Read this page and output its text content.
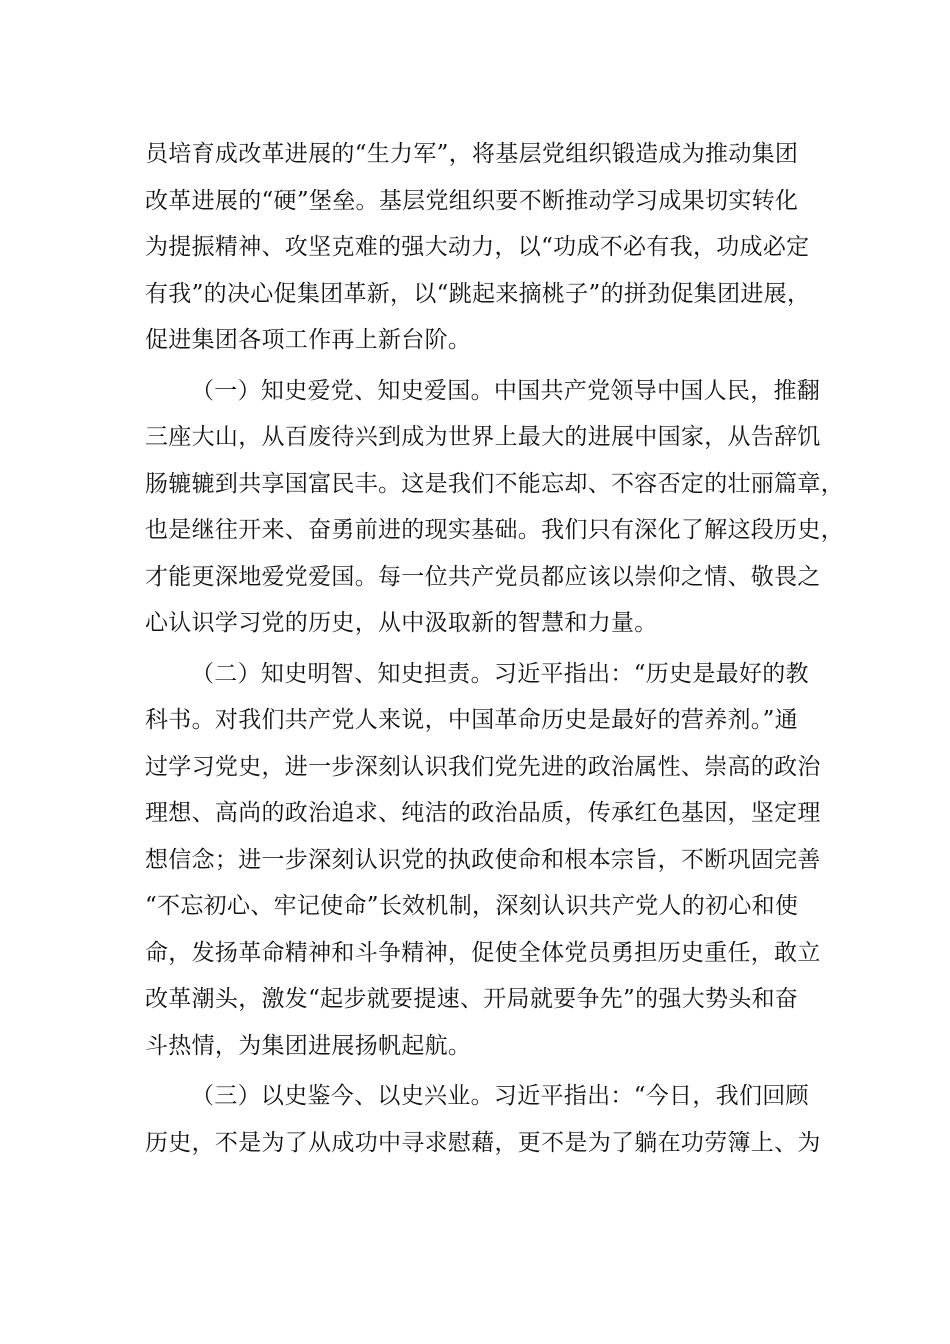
员培育成改革进展的“生力军”，将基层党组织锻造成为推动集团
改革进展的“硬”堡垒。基层党组织要不断推动学习成果切实转化
为提振精神、攻坚克难的强大动力，以“功成不必有我，功成必定
有我”的决心促集团革新，以“跳起来摘桃子”的拼劲促集团进展，
促进集团各项工作再上新台阶。
（一）知史爱党、知史爱国。中国共产党领导中国人民，推翻
三座大山，从百废待兴到成为世界上最大的进展中国家，从告辞饥
肠辘辘到共享国富民丰。这是我们不能忘却、不容否定的壮丽篇章，
也是继往开来、奋勇前进的现实基础。我们只有深化了解这段历史，
才能更深地爱党爱国。每一位共产党员都应该以崇仰之情、敬畏之
心认识学习党的历史，从中汲取新的智慧和力量。
（二）知史明智、知史担责。习近平指出：“历史是最好的教
科书。对我们共产党人来说，中国革命历史是最好的营养剂。”通
过学习党史，进一步深刻认识我们党先进的政治属性、崇高的政治
理想、高尚的政治追求、纯洁的政治品质，传承红色基因，坚定理
想信念；进一步深刻认识党的执政使命和根本宗旨，不断巩固完善
“不忘初心、牢记使命”长效机制，深刻认识共产党人的初心和使
命，发扬革命精神和斗争精神，促使全体党员勇担历史重任，敢立
改革潮头，激发“起步就要提速、开局就要争先”的强大势头和奋
斗热情，为集团进展扬帆起航。
（三）以史鉴今、以史兴业。习近平指出：“今日，我们回顾
历史，不是为了从成功中寻求慰藉，更不是为了躺在功劳簿上、为
